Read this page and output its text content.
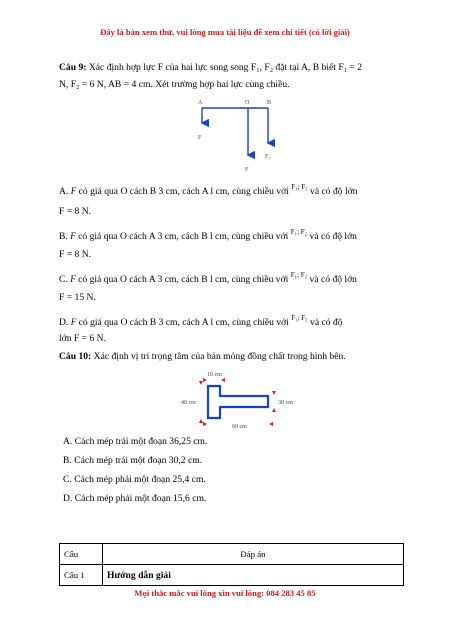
Đây là bản xem thử, vui lòng mua tài liệu để xem chi tiết (có lời giải)
Câu 9: Xác định hợp lực F của hai lực song song F₁, F₂ đặt tại A, B biết F₁ = 2
N, F₂ = 6 N, AB = 4 cm. Xét trường hợp hai lực cùng chiều.
A	O	B
F
F
F₂
A. F có giá qua O cách B 3 cm, cách A l cm, cùng chiều với $^{F_1; F_2}$ và có độ lớn
F = 8 N.
B. F có giá qua O cách A 3 cm, cách B l cm, cùng chiều với $^{F_1; F_2}$ và có độ lớn
F = 8 N.
C. F có giá qua O cách A 3 cm, cách B l cm, cùng chiều với $^{F_1; F_2}$ và có độ lớn
F = 15 N.
D. F có giá qua O cách B 3 cm, cách A l cm, cùng chiều với $^{F_1; F_2}$ và có độ
lớn F = 6 N.
Câu 10: Xác định vị trí trọng tâm của bản mỏng đồng chất trong hình bên.
10 cm
40 cm	30 cm
60 cm
A. Cách mép trái một đoạn 36,25 cm.
B. Cách mép trái một đoạn 30,2 cm.
C. Cách mép phải một đoạn 25,4 cm.
D. Cách mép phải một đoạn 15,6 cm.
Câu	Đáp án
Câu 1	Hướng dẫn giải
Mọi thắc mắc vui lòng xin vui lòng: 084 283 45 85
